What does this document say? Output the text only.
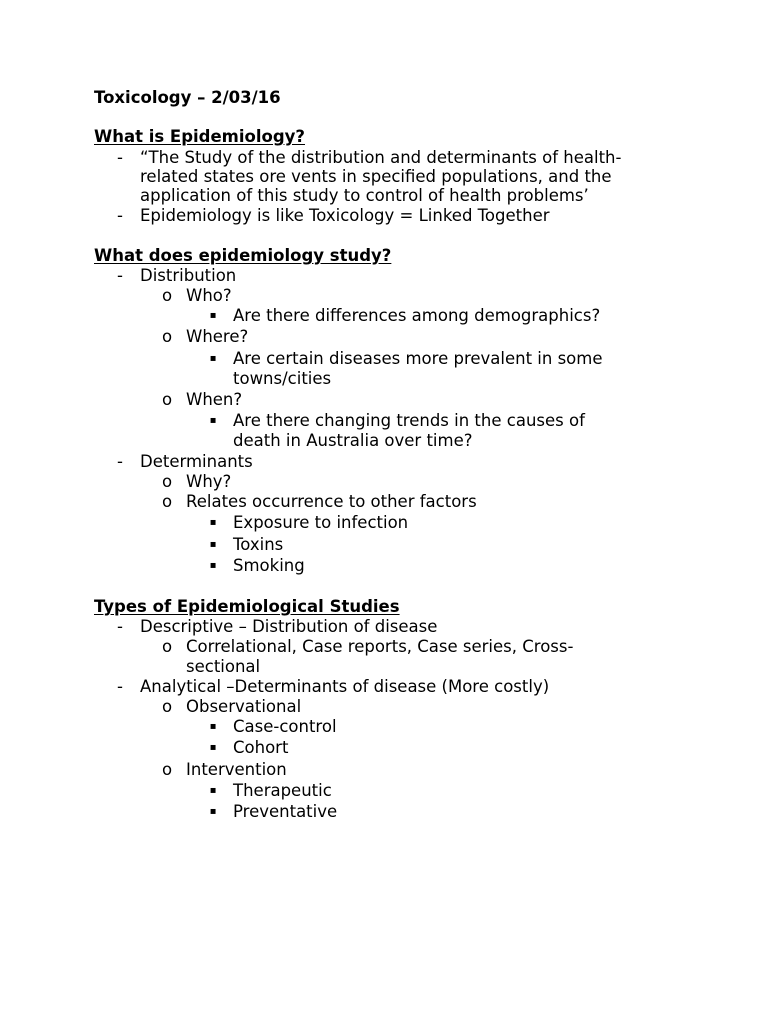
Toxicology – 2/03/16
What is Epidemiology?
- “The Study of the distribution and determinants of health-
related states ore vents in specified populations, and the
application of this study to control of health problems’
- Epidemiology is like Toxicology = Linked Together
What does epidemiology study?
- Distribution
o Who?
▪ Are there differences among demographics?
o Where?
▪ Are certain diseases more prevalent in some
towns/cities
o When?
▪ Are there changing trends in the causes of
death in Australia over time?
- Determinants
o Why?
o Relates occurrence to other factors
▪ Exposure to infection
▪ Toxins
▪ Smoking
Types of Epidemiological Studies
- Descriptive – Distribution of disease
o Correlational, Case reports, Case series, Cross-
sectional
- Analytical –Determinants of disease (More costly)
o Observational
▪ Case-control
▪ Cohort
o Intervention
▪ Therapeutic
▪ Preventative
